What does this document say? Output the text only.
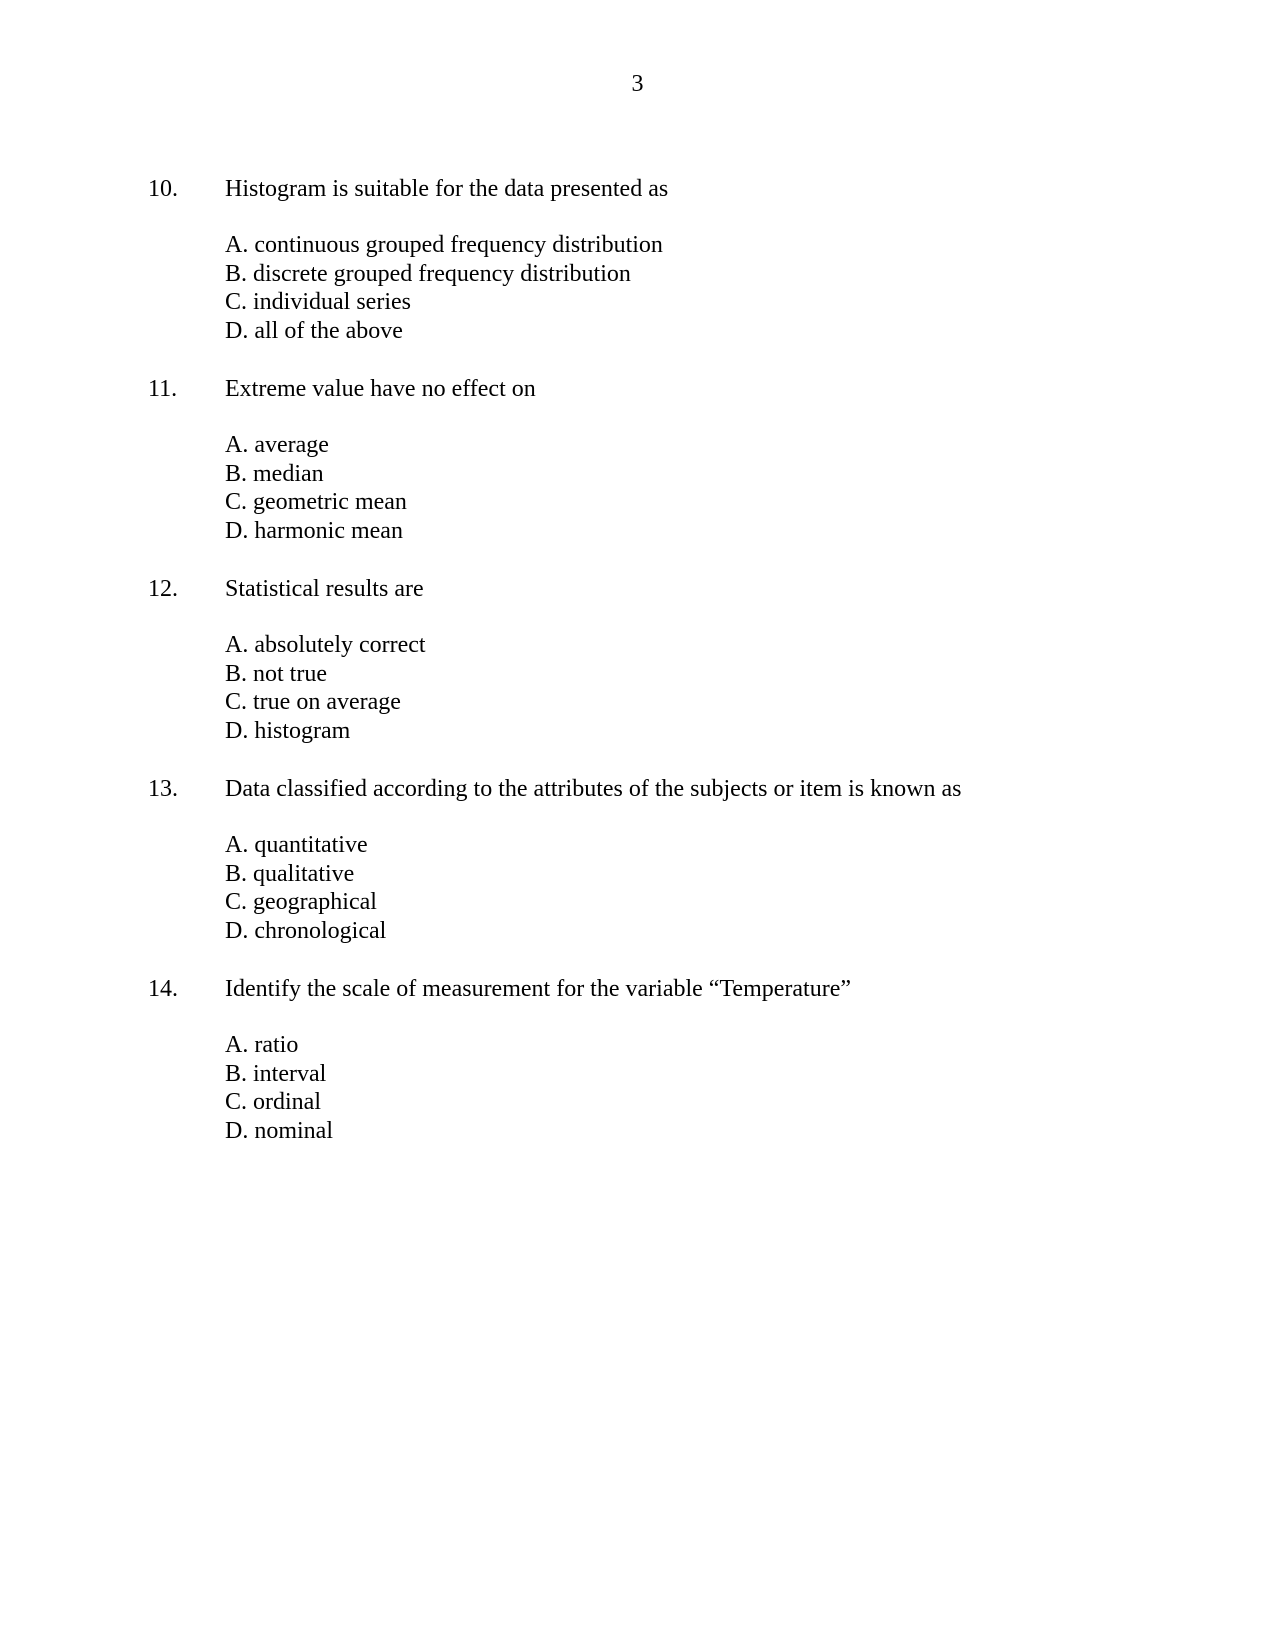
3
10. Histogram is suitable for the data presented as
A. continuous grouped frequency distribution
B. discrete grouped frequency distribution
C. individual series
D. all of the above
11. Extreme value have no effect on
A. average
B. median
C. geometric mean
D. harmonic mean
12. Statistical results are
A. absolutely correct
B. not true
C. true on average
D. histogram
13. Data classified according to the attributes of the subjects or item is known as
A. quantitative
B. qualitative
C. geographical
D. chronological
14. Identify the scale of measurement for the variable “Temperature”
A. ratio
B. interval
C. ordinal
D. nominal
